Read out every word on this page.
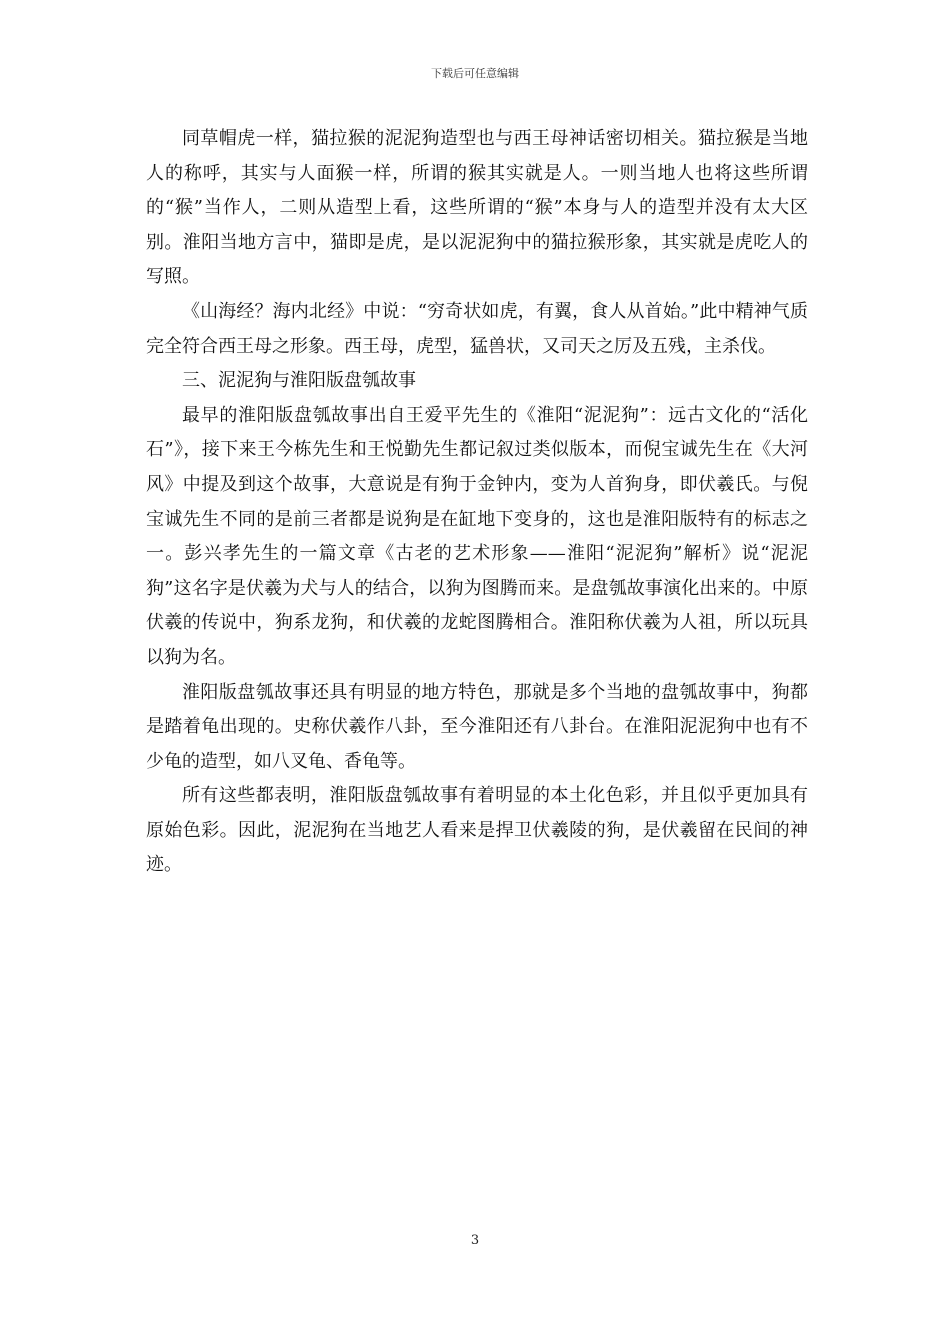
下载后可任意编辑

同草帽虎一样，猫拉猴的泥泥狗造型也与西王母神话密切相关。猫拉猴是当地人的称呼，其实与人面猴一样，所谓的猴其实就是人。一则当地人也将这些所谓的“猴”当作人，二则从造型上看，这些所谓的“猴”本身与人的造型并没有太大区别。淮阳当地方言中，猫即是虎，是以泥泥狗中的猫拉猴形象，其实就是虎吃人的写照。

《山海经？海内北经》中说：“穷奇状如虎，有翼，食人从首始。”此中精神气质完全符合西王母之形象。西王母，虎型，猛兽状，又司天之厉及五残，主杀伐。

三、泥泥狗与淮阳版盘瓠故事

最早的淮阳版盘瓠故事出自王爱平先生的《淮阳“泥泥狗”：远古文化的“活化石”》，接下来王今栋先生和王悦勤先生都记叙过类似版本，而倪宝诚先生在《大河风》中提及到这个故事，大意说是有狗于金钟内，变为人首狗身，即伏羲氏。与倪宝诚先生不同的是前三者都是说狗是在缸地下变身的，这也是淮阳版特有的标志之一。彭兴孝先生的一篇文章《古老的艺术形象——淮阳“泥泥狗”解析》说“泥泥狗”这名字是伏羲为犬与人的结合，以狗为图腾而来。是盘瓠故事演化出来的。中原伏羲的传说中，狗系龙狗，和伏羲的龙蛇图腾相合。淮阳称伏羲为人祖，所以玩具以狗为名。

淮阳版盘瓠故事还具有明显的地方特色，那就是多个当地的盘瓠故事中，狗都是踏着龟出现的。史称伏羲作八卦，至今淮阳还有八卦台。在淮阳泥泥狗中也有不少龟的造型，如八叉龟、香龟等。

所有这些都表明，淮阳版盘瓠故事有着明显的本土化色彩，并且似乎更加具有原始色彩。因此，泥泥狗在当地艺人看来是捍卫伏羲陵的狗，是伏羲留在民间的神迹。

3
